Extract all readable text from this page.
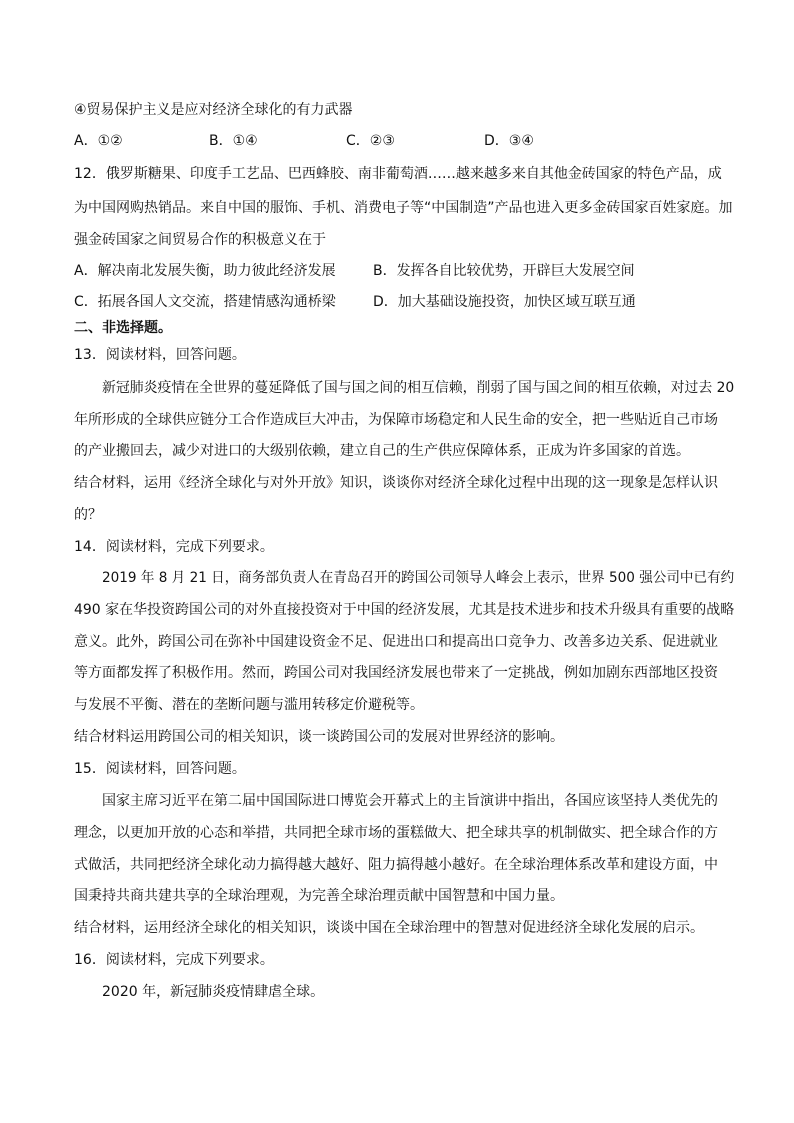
④贸易保护主义是应对经济全球化的有力武器
A．①②	B．①④	C．②③	D．③④
12．俄罗斯糖果、印度手工艺品、巴西蜂胶、南非葡萄酒……越来越多来自其他金砖国家的特色产品，成
为中国网购热销品。来自中国的服饰、手机、消费电子等“中国制造”产品也进入更多金砖国家百姓家庭。加
强金砖国家之间贸易合作的积极意义在于
A．解决南北发展失衡，助力彼此经济发展	B．发挥各自比较优势，开辟巨大发展空间
C．拓展各国人文交流，搭建情感沟通桥梁	D．加大基础设施投资，加快区域互联互通
二、非选择题。
13．阅读材料，回答问题。
新冠肺炎疫情在全世界的蔓延降低了国与国之间的相互信赖，削弱了国与国之间的相互依赖，对过去 20
年所形成的全球供应链分工合作造成巨大冲击，为保障市场稳定和人民生命的安全，把一些贴近自己市场
的产业搬回去，减少对进口的大级别依赖，建立自己的生产供应保障体系，正成为许多国家的首选。
结合材料，运用《经济全球化与对外开放》知识，谈谈你对经济全球化过程中出现的这一现象是怎样认识
的？
14．阅读材料，完成下列要求。
2019 年 8 月 21 日，商务部负责人在青岛召开的跨国公司领导人峰会上表示，世界 500 强公司中已有约
490 家在华投资跨国公司的对外直接投资对于中国的经济发展，尤其是技术进步和技术升级具有重要的战略
意义。此外，跨国公司在弥补中国建设资金不足、促进出口和提高出口竞争力、改善多边关系、促进就业
等方面都发挥了积极作用。然而，跨国公司对我国经济发展也带来了一定挑战，例如加剧东西部地区投资
与发展不平衡、潜在的垄断问题与滥用转移定价避税等。
结合材料运用跨国公司的相关知识，谈一谈跨国公司的发展对世界经济的影响。
15．阅读材料，回答问题。
国家主席习近平在第二届中国国际进口博览会开幕式上的主旨演讲中指出，各国应该坚持人类优先的
理念，以更加开放的心态和举措，共同把全球市场的蛋糕做大、把全球共享的机制做实、把全球合作的方
式做活，共同把经济全球化动力搞得越大越好、阻力搞得越小越好。在全球治理体系改革和建设方面，中
国秉持共商共建共享的全球治理观，为完善全球治理贡献中国智慧和中国力量。
结合材料，运用经济全球化的相关知识，谈谈中国在全球治理中的智慧对促进经济全球化发展的启示。
16．阅读材料，完成下列要求。
2020 年，新冠肺炎疫情肆虐全球。
